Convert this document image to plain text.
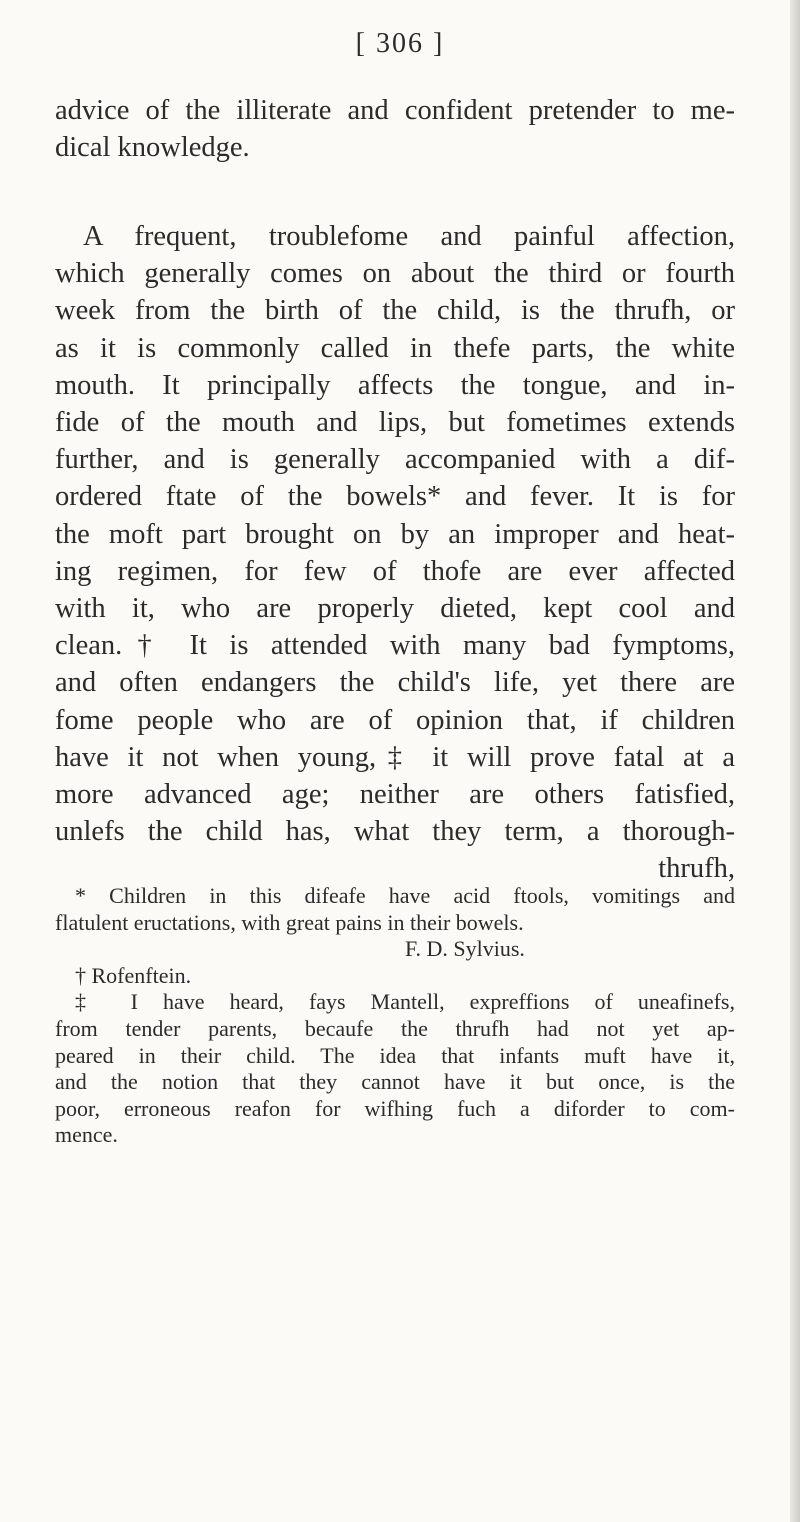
[ 306 ]
advice of the illiterate and confident pretender to me-
dical knowledge.
A frequent, troublefome and painful affection,
which generally comes on about the third or fourth
week from the birth of the child, is the thrufh, or
as it is commonly called in thefe parts, the white
mouth. It principally affects the tongue, and in-
fide of the mouth and lips, but fometimes extends
further, and is generally accompanied with a dif-
ordered ftate of the bowels* and fever. It is for
the moft part brought on by an improper and heat-
ing regimen, for few of thofe are ever affected
with it, who are properly dieted, kept cool and
clean.† It is attended with many bad fymptoms,
and often endangers the child's life, yet there are
fome people who are of opinion that, if children
have it not when young,‡ it will prove fatal at a
more advanced age; neither are others fatisfied,
unlefs the child has, what they term, a thorough-
thrufh,
* Children in this difeafe have acid ftools, vomitings and
flatulent eructations, with great pains in their bowels.
F. D. Sylvius.
† Rofenftein.
‡ I have heard, fays Mantell, expreffions of uneafinefs,
from tender parents, becaufe the thrufh had not yet ap-
peared in their child. The idea that infants muft have it,
and the notion that they cannot have it but once, is the
poor, erroneous reafon for wifhing fuch a diforder to com-
mence.
